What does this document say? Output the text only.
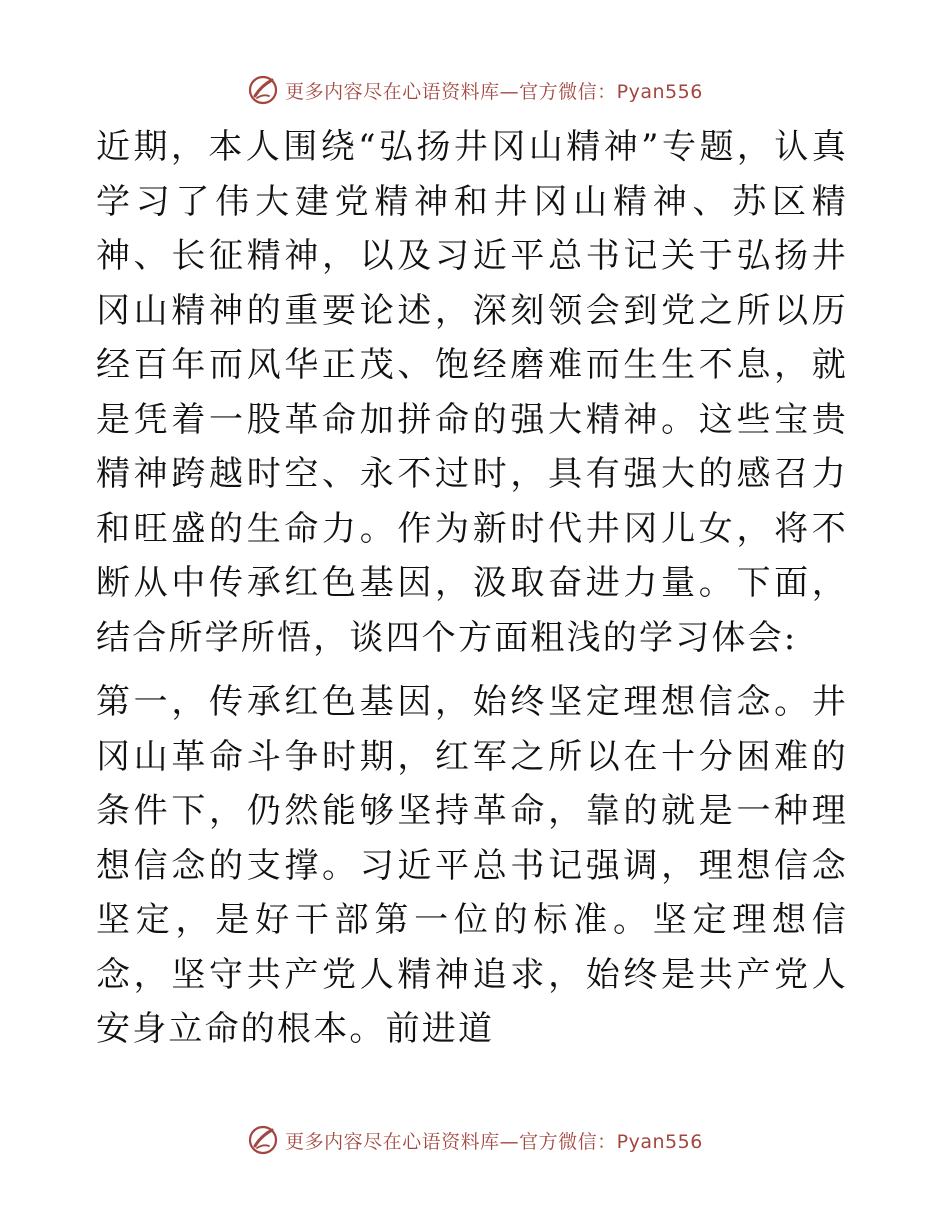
更多内容尽在心语资料库—官方微信：Pyan556

近期，本人围绕“弘扬井冈山精神”专题，认真学习了伟大建党精神和井冈山精神、苏区精神、长征精神，以及习近平总书记关于弘扬井冈山精神的重要论述，深刻领会到党之所以历经百年而风华正茂、饱经磨难而生生不息，就是凭着一股革命加拼命的强大精神。这些宝贵精神跨越时空、永不过时，具有强大的感召力和旺盛的生命力。作为新时代井冈儿女，将不断从中传承红色基因，汲取奋进力量。下面，结合所学所悟，谈四个方面粗浅的学习体会:

第一，传承红色基因，始终坚定理想信念。井冈山革命斗争时期，红军之所以在十分困难的条件下，仍然能够坚持革命，靠的就是一种理想信念的支撑。习近平总书记强调，理想信念坚定，是好干部第一位的标准。坚定理想信念，坚守共产党人精神追求，始终是共产党人安身立命的根本。前进道

更多内容尽在心语资料库—官方微信：Pyan556
